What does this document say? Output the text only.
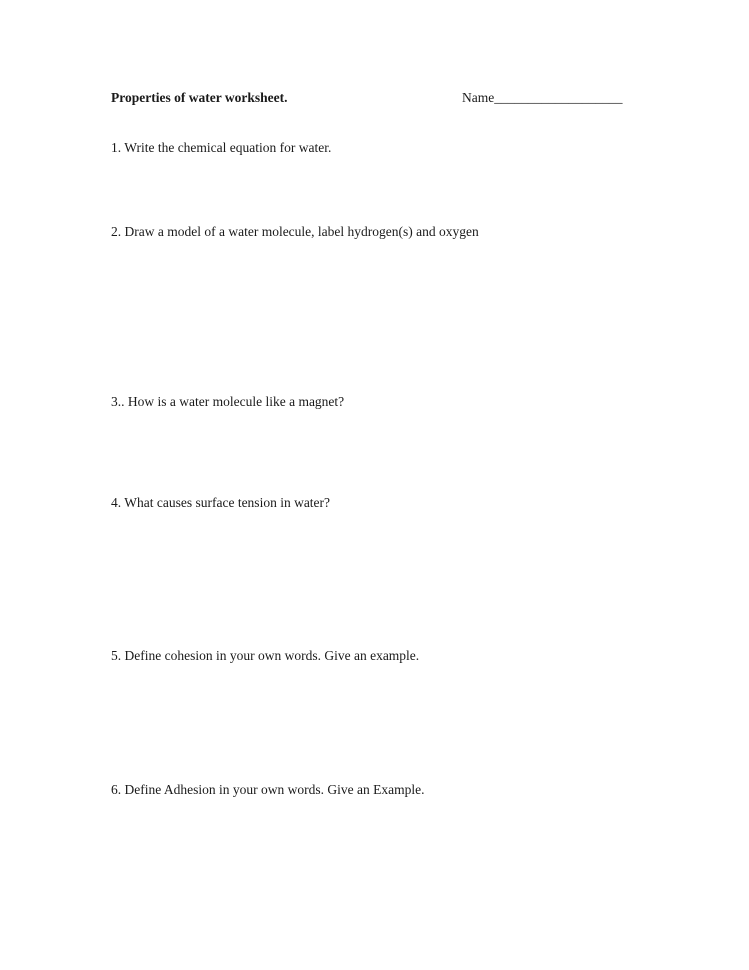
Properties of water worksheet.	Name___________________
1. Write the chemical equation for water.
2. Draw a model of a water molecule, label hydrogen(s) and oxygen
3.. How is a water molecule like a magnet?
4. What causes surface tension in water?
5. Define cohesion in your own words. Give an example.
6. Define Adhesion in your own words. Give an Example.
